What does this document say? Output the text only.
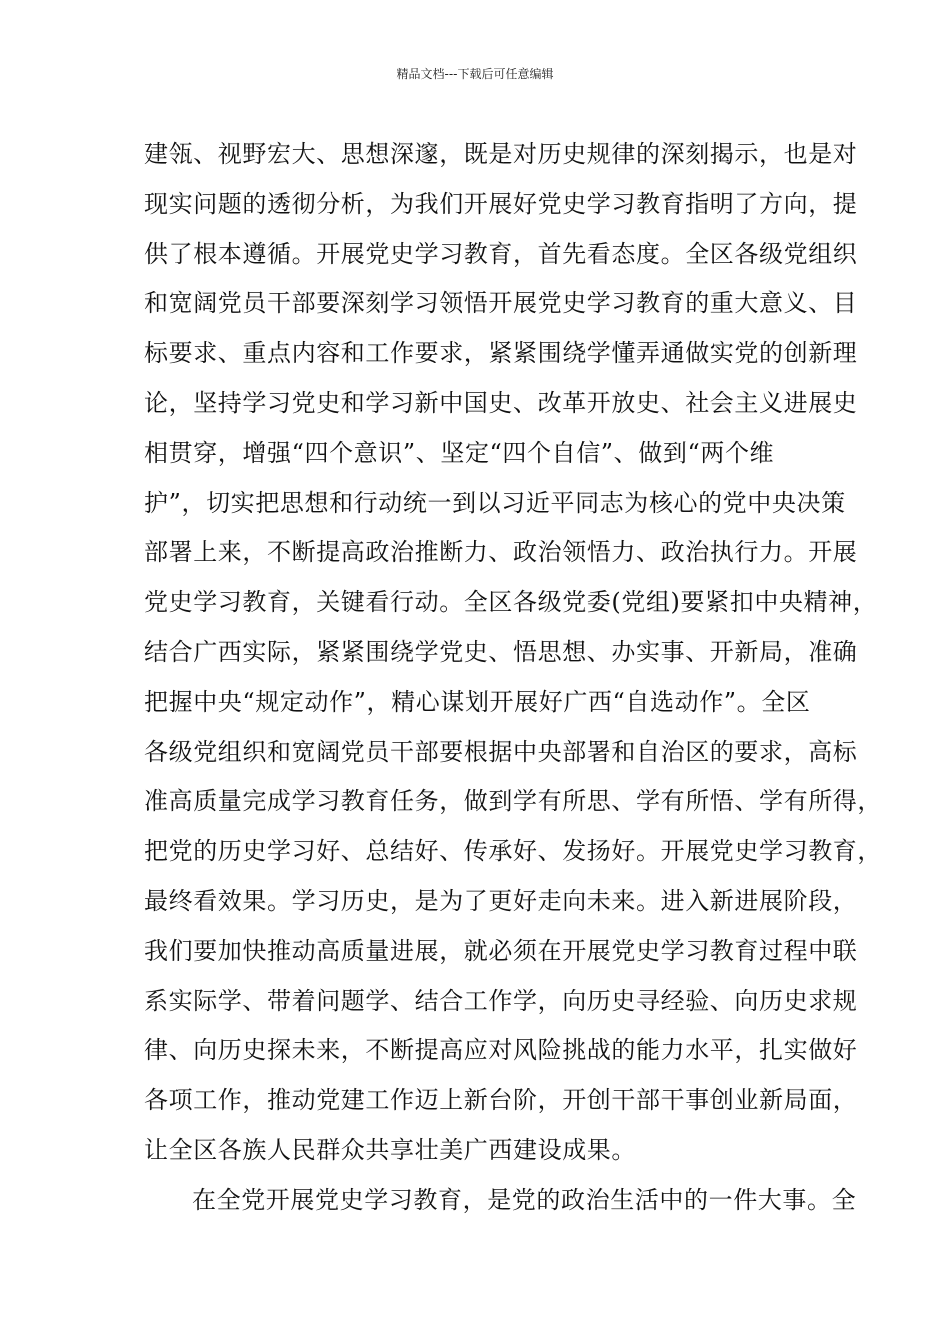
精品文档---下载后可任意编辑
建瓴、视野宏大、思想深邃，既是对历史规律的深刻揭示，也是对
现实问题的透彻分析，为我们开展好党史学习教育指明了方向，提
供了根本遵循。开展党史学习教育，首先看态度。全区各级党组织
和宽阔党员干部要深刻学习领悟开展党史学习教育的重大意义、目
标要求、重点内容和工作要求，紧紧围绕学懂弄通做实党的创新理
论，坚持学习党史和学习新中国史、改革开放史、社会主义进展史
相贯穿，增强“四个意识”、坚定“四个自信”、做到“两个维
护”，切实把思想和行动统一到以习近平同志为核心的党中央决策
部署上来，不断提高政治推断力、政治领悟力、政治执行力。开展
党史学习教育，关键看行动。全区各级党委(党组)要紧扣中央精神，
结合广西实际，紧紧围绕学党史、悟思想、办实事、开新局，准确
把握中央“规定动作”，精心谋划开展好广西“自选动作”。全区
各级党组织和宽阔党员干部要根据中央部署和自治区的要求，高标
准高质量完成学习教育任务，做到学有所思、学有所悟、学有所得，
把党的历史学习好、总结好、传承好、发扬好。开展党史学习教育，
最终看效果。学习历史，是为了更好走向未来。进入新进展阶段，
我们要加快推动高质量进展，就必须在开展党史学习教育过程中联
系实际学、带着问题学、结合工作学，向历史寻经验、向历史求规
律、向历史探未来，不断提高应对风险挑战的能力水平，扎实做好
各项工作，推动党建工作迈上新台阶，开创干部干事创业新局面，
让全区各族人民群众共享壮美广西建设成果。
在全党开展党史学习教育，是党的政治生活中的一件大事。全
